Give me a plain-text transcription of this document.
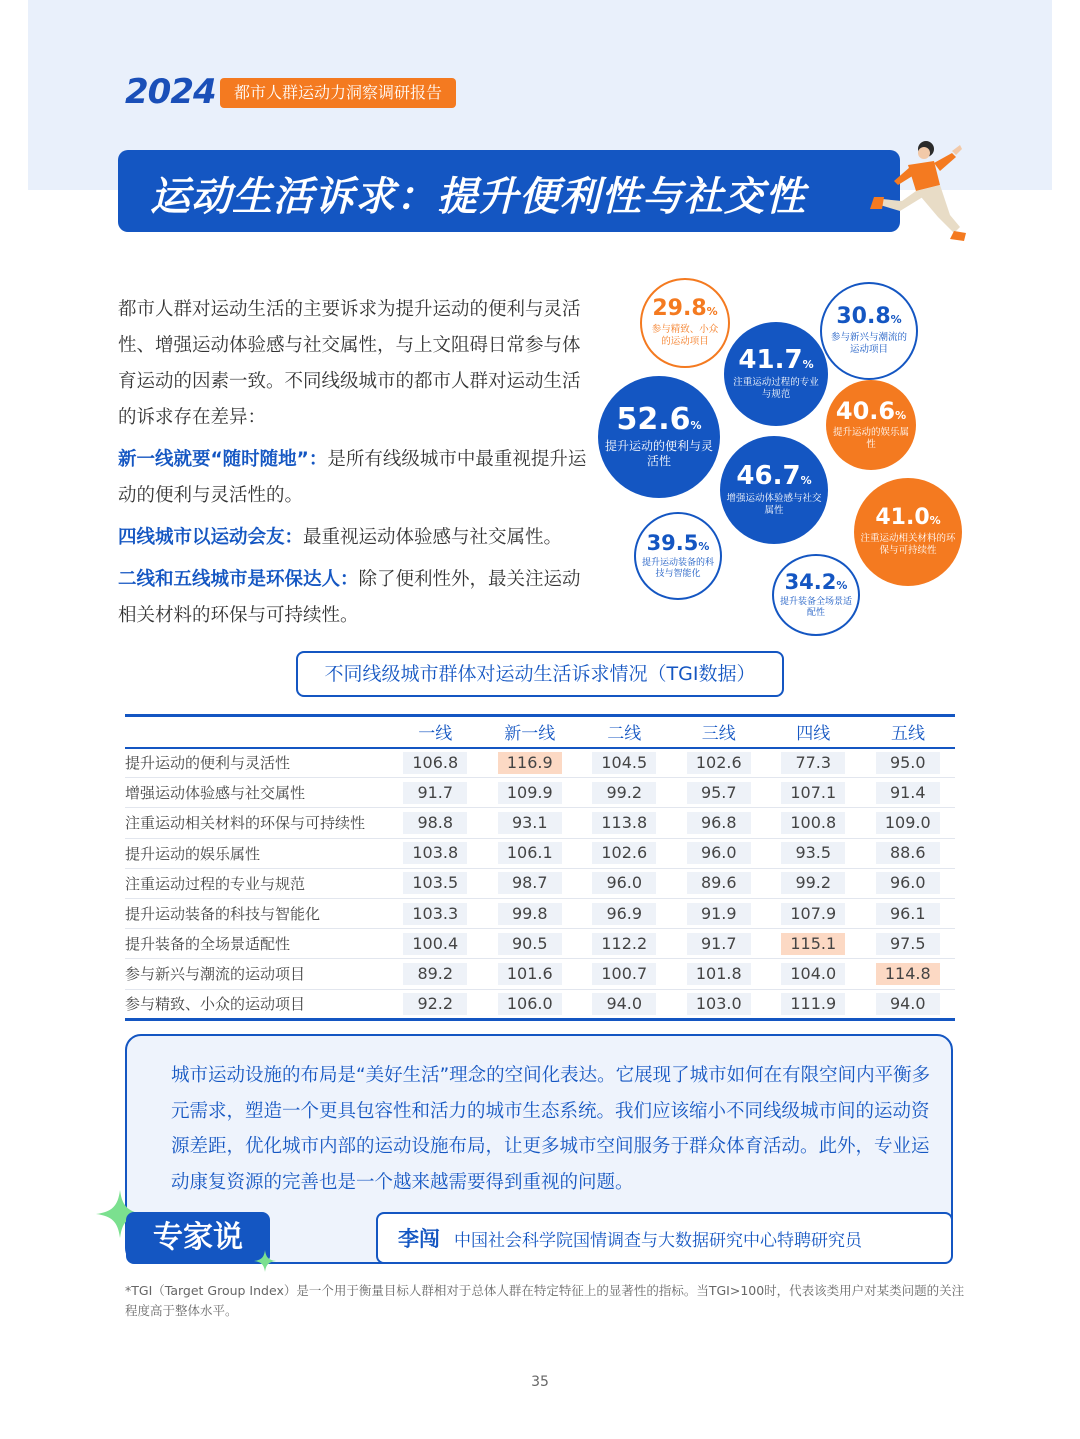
2024	都市人群运动力洞察调研报告
运动生活诉求：提升便利性与社交性

都市人群对运动生活的主要诉求为提升运动的便利与灵活性、增强运动体验感与社交属性，与上文阻碍日常参与体育运动的因素一致。不同线级城市的都市人群对运动生活的诉求存在差异：

新一线就要“随时随地”：是所有线级城市中最重视提升运动的便利与灵活性的。

四线城市以运动会友：最重视运动体验感与社交属性。

二线和五线城市是环保达人：除了便利性外，最关注运动相关材料的环保与可持续性。

29.8%
参与精致、小众的运动项目
30.8%
参与新兴与潮流的运动项目
41.7%
注重运动过程的专业与规范
52.6%
提升运动的便利与灵活性
40.6%
提升运动的娱乐属性
46.7%
增强运动体验感与社交属性	41.0%
注重运动相关材料的环保与可持续性
39.5%
提升运动装备的科技与智能化	34.2%
提升装备全场景适配性
不同线级城市群体对运动生活诉求情况（TGI数据）
	一线	新一线	二线	三线	四线	五线
提升运动的便利与灵活性	106.8	116.9	104.5	102.6	77.3	95.0
增强运动体验感与社交属性	91.7	109.9	99.2	95.7	107.1	91.4
注重运动相关材料的环保与可持续性	98.8	93.1	113.8	96.8	100.8	109.0
提升运动的娱乐属性	103.8	106.1	102.6	96.0	93.5	88.6
注重运动过程的专业与规范	103.5	98.7	96.0	89.6	99.2	96.0
提升运动装备的科技与智能化	103.3	99.8	96.9	91.9	107.9	96.1
提升装备的全场景适配性	100.4	90.5	112.2	91.7	115.1	97.5
参与新兴与潮流的运动项目	89.2	101.6	100.7	101.8	104.0	114.8
参与精致、小众的运动项目	92.2	106.0	94.0	103.0	111.9	94.0
城市运动设施的布局是“美好生活”理念的空间化表达。它展现了城市如何在有限空间内平衡多元需求，塑造一个更具包容性和活力的城市生态系统。我们应该缩小不同线级城市间的运动资源差距，优化城市内部的运动设施布局，让更多城市空间服务于群众体育活动。此外，专业运动康复资源的完善也是一个越来越需要得到重视的问题。
专家说	李闯 中国社会科学院国情调查与大数据研究中心特聘研究员
*TGI（Target Group Index）是一个用于衡量目标人群相对于总体人群在特定特征上的显著性的指标。当TGI>100时，代表该类用户对某类问题的关注程度高于整体水平。
35
